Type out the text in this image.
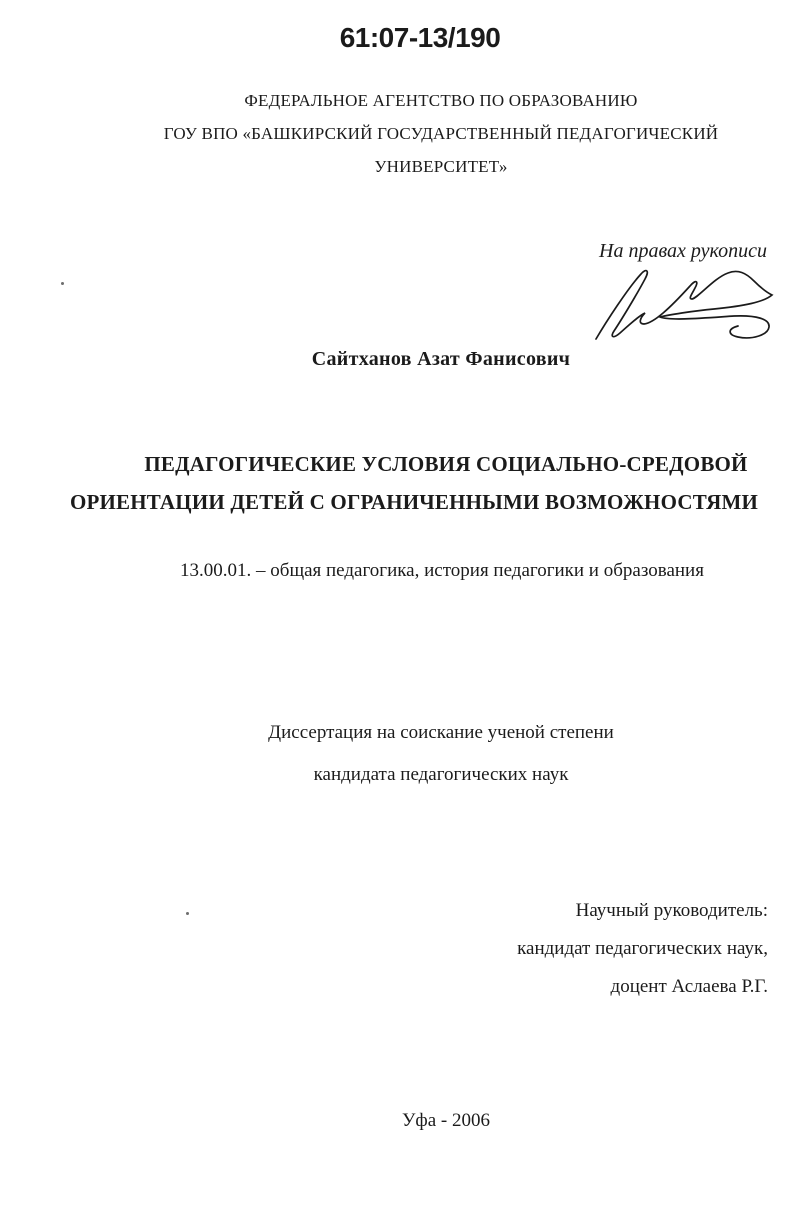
61:07-13/190
ФЕДЕРАЛЬНОЕ АГЕНТСТВО ПО ОБРАЗОВАНИЮ
ГОУ ВПО «БАШКИРСКИЙ ГОСУДАРСТВЕННЫЙ ПЕДАГОГИЧЕСКИЙ
УНИВЕРСИТЕТ»
На правах рукописи
Сайтханов Азат Фанисович
ПЕДАГОГИЧЕСКИЕ УСЛОВИЯ СОЦИАЛЬНО-СРЕДОВОЙ
ОРИЕНТАЦИИ ДЕТЕЙ С ОГРАНИЧЕННЫМИ ВОЗМОЖНОСТЯМИ
13.00.01. – общая педагогика, история педагогики и образования
Диссертация на соискание ученой степени
кандидата педагогических наук
Научный руководитель:
кандидат педагогических наук,
доцент Аслаева Р.Г.
Уфа - 2006
